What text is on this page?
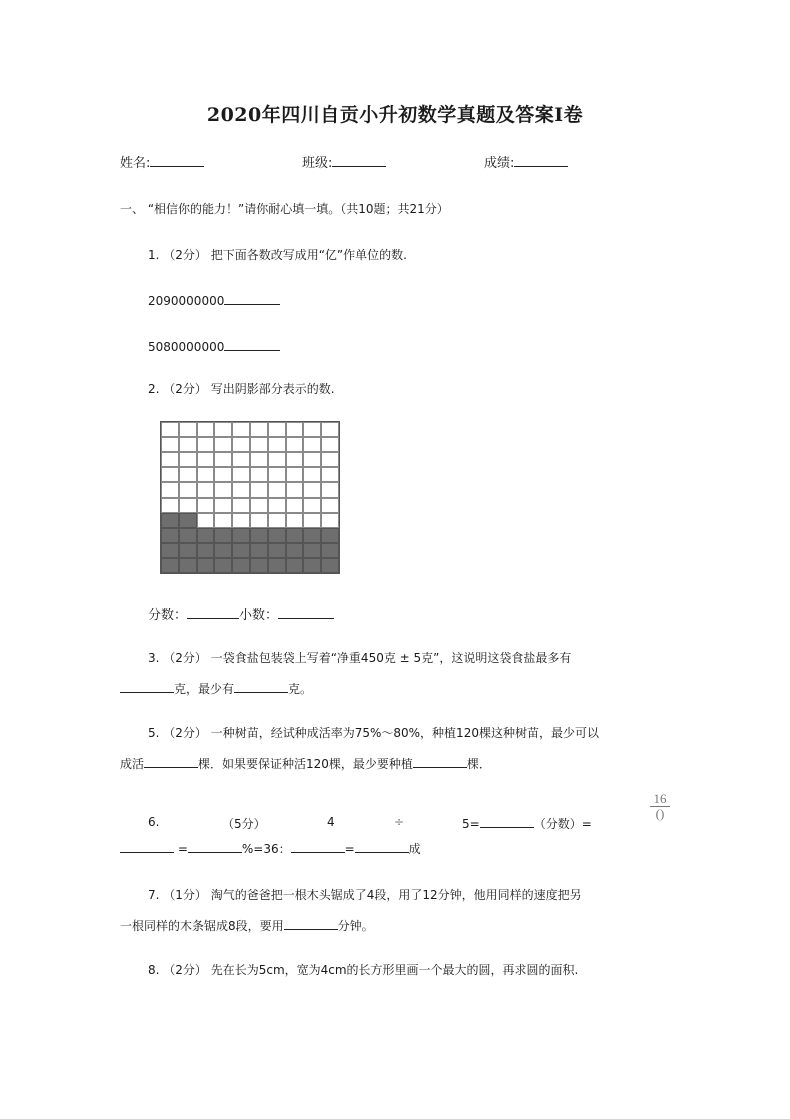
2020年四川自贡小升初数学真题及答案Ⅰ卷
姓名:	班级:	成绩:
一、 “相信你的能力！”请你耐心填一填。（共10题；共21分）
1. （2分） 把下面各数改写成用“亿”作单位的数.
2090000000
5080000000
2. （2分） 写出阴影部分表示的数.
分数：	小数：
3. （2分） 一袋食盐包装袋上写着“净重450克 ± 5克”，这说明这袋食盐最多有
克，最少有	克。
5. （2分） 一种树苗，经试种成活率为75%～80%，种植120棵这种树苗，最少可以
成活	棵．如果要保证种活120棵，最少要种植	棵．
6.	（5分）	4	÷	5=	（分数）=
16
()
=	%=36：	=	成
7. （1分） 淘气的爸爸把一根木头锯成了4段，用了12分钟，他用同样的速度把另
一根同样的木条锯成8段，要用	分钟。
8. （2分） 先在长为5cm，宽为4cm的长方形里画一个最大的圆，再求圆的面积.
